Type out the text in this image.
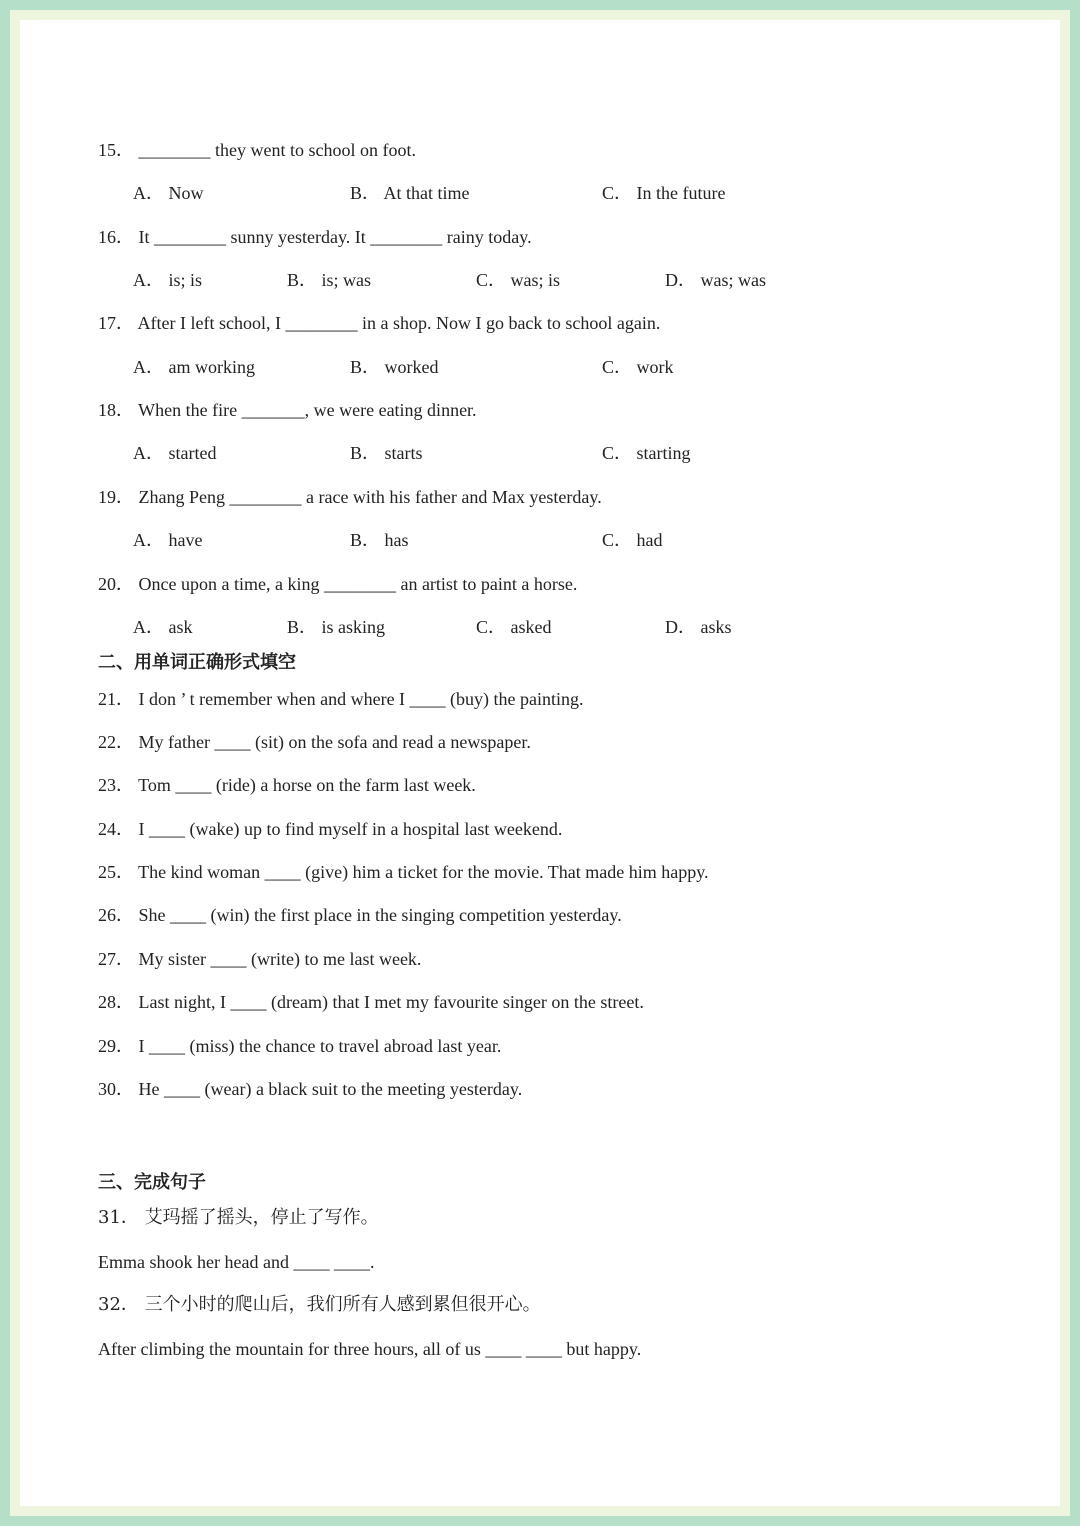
15． ________ they went to school on foot.
A． Now	B． At that time	C． In the future
16． It ________ sunny yesterday. It ________ rainy today.
A． is; is	B． is; was	C． was; is	D． was; was
17． After I left school, I ________ in a shop. Now I go back to school again.
A． am working	B． worked	C． work
18． When the fire _______, we were eating dinner.
A． started	B． starts	C． starting
19． Zhang Peng ________ a race with his father and Max yesterday.
A． have	B． has	C． had
20． Once upon a time, a king ________ an artist to paint a horse.
A． ask	B． is asking	C． asked	D． asks
二、用单词正确形式填空
21． I don ’ t remember when and where I ____ (buy) the painting.
22． My father ____ (sit) on the sofa and read a newspaper.
23． Tom ____ (ride) a horse on the farm last week.
24． I ____ (wake) up to find myself in a hospital last weekend.
25． The kind woman ____ (give) him a ticket for the movie. That made him happy.
26． She ____ (win) the first place in the singing competition yesterday.
27． My sister ____ (write) to me last week.
28． Last night, I ____ (dream) that I met my favourite singer on the street.
29． I ____ (miss) the chance to travel abroad last year.
30． He ____ (wear) a black suit to the meeting yesterday.
三、完成句子
31． 艾玛摇了摇头，停止了写作。
Emma shook her head and ____ ____.
32． 三个小时的爬山后，我们所有人感到累但很开心。
After climbing the mountain for three hours, all of us ____ ____ but happy.
